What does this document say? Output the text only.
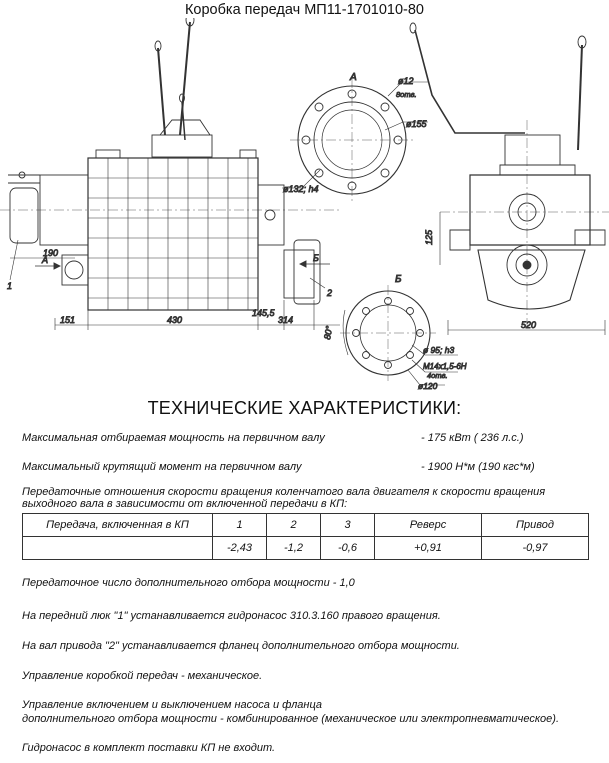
Коробка передач МП11-1701010-80
190
151	430
145,5
314
А	Б
1
2
А	ø12
8отв.
ø155
ø132; h4
Б
80°
ø 95; h3
M14x1,5-6H
4отв.
ø120
125
520
ТЕХНИЧЕСКИЕ ХАРАКТЕРИСТИКИ:
Максимальная отбираемая мощность на первичном валу	- 175 кВт ( 236 л.с.)
Максимальный крутящий момент на первичном валу	- 1900 Н*м (190 кгс*м)
Передаточные отношения скорости вращения коленчатого вала двигателя к скорости вращения
выходного вала в зависимости от включенной передачи в КП:
Передача, включенная в КП	1	2	3	Реверс	Привод
	-2,43	-1,2	-0,6	+0,91	-0,97
Передаточное число дополнительного отбора мощности - 1,0
На передний люк "1" устанавливается гидронасос 310.3.160 правого вращения.
На вал привода "2" устанавливается фланец дополнительного отбора мощности.
Управление коробкой передач - механическое.
Управление включением и выключением насоса и фланца
дополнительного отбора мощности - комбинированное (механическое или электропневматическое).
Гидронасос в комплект поставки КП не входит.
